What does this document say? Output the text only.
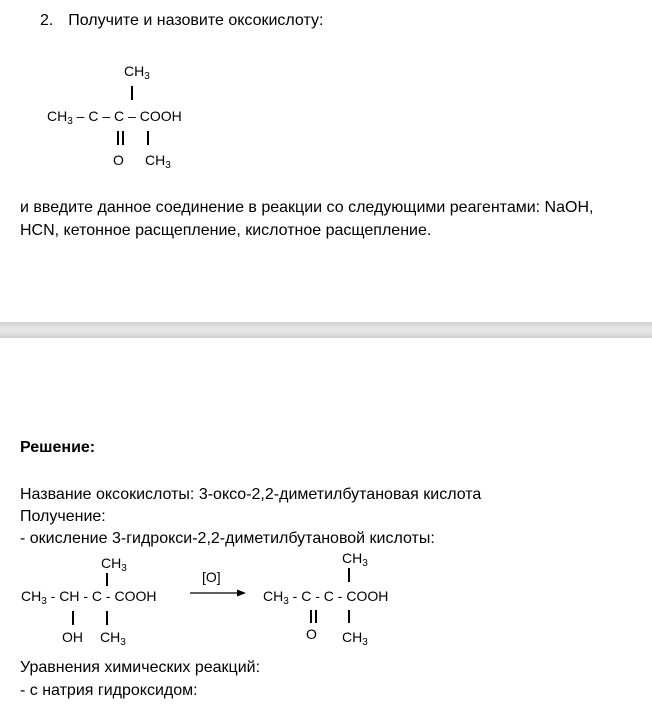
2. Получите и назовите оксокислоту:
$CH_3$
$CH_3$ – C – C – COOH
O $CH_3$
и введите данное соединение в реакции со следующими реагентами: NaOH,
HCN, кетонное расщепление, кислотное расщепление.
Решение:
Название оксокислоты: 3-оксо-2,2-диметилбутановая кислота
Получение:
- окисление 3-гидрокси-2,2-диметилбутановой кислоты:
$CH_3$
$CH_3$ - CH - C - COOH
OH $CH_3$
[O]
$CH_3$
$CH_3$ - C - C - COOH
O $CH_3$
Уравнения химических реакций:
- с натрия гидроксидом:
